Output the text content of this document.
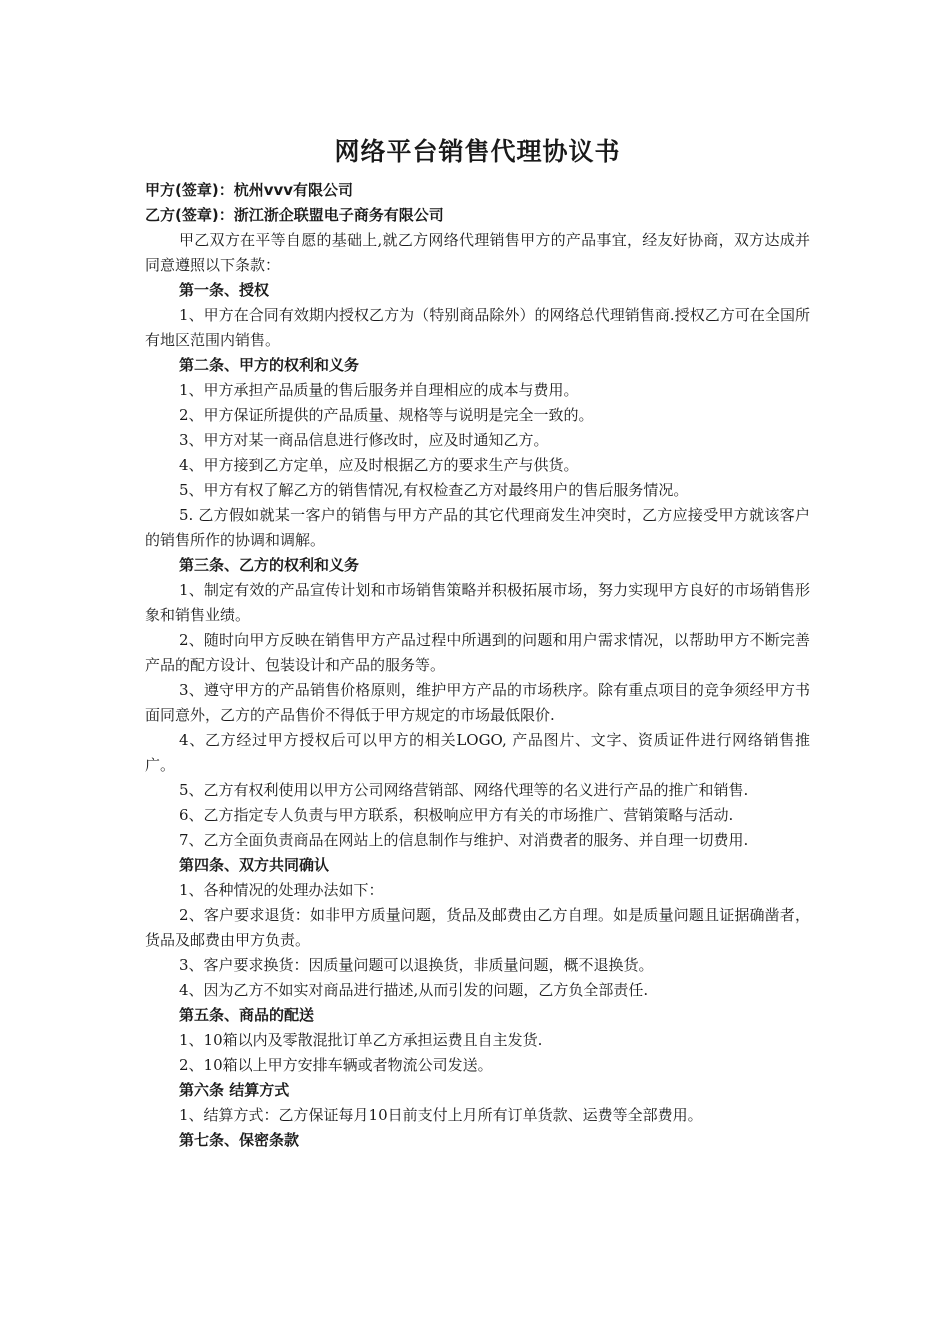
网络平台销售代理协议书

甲方(签章)：杭州vvv有限公司

乙方(签章)：浙江浙企联盟电子商务有限公司

甲乙双方在平等自愿的基础上,就乙方网络代理销售甲方的产品事宜，经友好协商，双方达成并同意遵照以下条款：

第一条、授权

1、甲方在合同有效期内授权乙方为（特别商品除外）的网络总代理销售商.授权乙方可在全国所有地区范围内销售。

第二条、甲方的权利和义务

1、甲方承担产品质量的售后服务并自理相应的成本与费用。

2、甲方保证所提供的产品质量、规格等与说明是完全一致的。

3、甲方对某一商品信息进行修改时，应及时通知乙方。

4、甲方接到乙方定单，应及时根据乙方的要求生产与供货。

5、甲方有权了解乙方的销售情况,有权检查乙方对最终用户的售后服务情况。

5. 乙方假如就某一客户的销售与甲方产品的其它代理商发生冲突时，乙方应接受甲方就该客户的销售所作的协调和调解。

第三条、乙方的权利和义务

1、制定有效的产品宣传计划和市场销售策略并积极拓展市场，努力实现甲方良好的市场销售形象和销售业绩。

2、随时向甲方反映在销售甲方产品过程中所遇到的问题和用户需求情况，以帮助甲方不断完善产品的配方设计、包装设计和产品的服务等。

3、遵守甲方的产品销售价格原则，维护甲方产品的市场秩序。除有重点项目的竞争须经甲方书面同意外，乙方的产品售价不得低于甲方规定的市场最低限价.

4、乙方经过甲方授权后可以甲方的相关LOGO, 产品图片、文字、资质证件进行网络销售推广。

5、乙方有权利使用以甲方公司网络营销部、网络代理等的名义进行产品的推广和销售.

6、乙方指定专人负责与甲方联系，积极响应甲方有关的市场推广、营销策略与活动.

7、乙方全面负责商品在网站上的信息制作与维护、对消费者的服务、并自理一切费用.

第四条、双方共同确认

1、各种情况的处理办法如下：

2、客户要求退货：如非甲方质量问题，货品及邮费由乙方自理。如是质量问题且证据确凿者，货品及邮费由甲方负责。

3、客户要求换货：因质量问题可以退换货，非质量问题，概不退换货。

4、因为乙方不如实对商品进行描述,从而引发的问题，乙方负全部责任.

第五条、商品的配送

1、10箱以内及零散混批订单乙方承担运费且自主发货.

2、10箱以上甲方安排车辆或者物流公司发送。

第六条 结算方式

1、结算方式：乙方保证每月10日前支付上月所有订单货款、运费等全部费用。

第七条、保密条款
